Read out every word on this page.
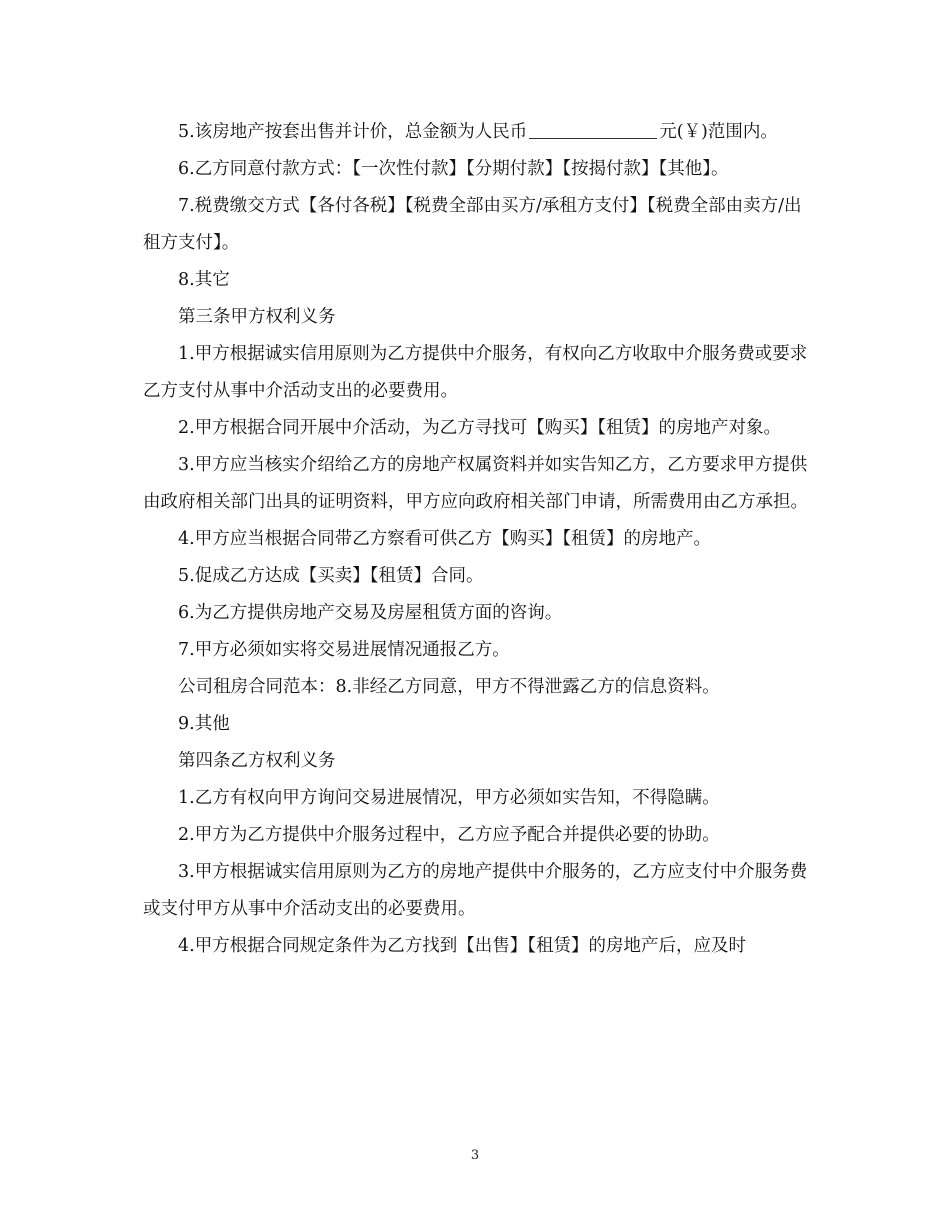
5.该房地产按套出售并计价，总金额为人民币	元(￥)范围内。

6.乙方同意付款方式：【一次性付款】【分期付款】【按揭付款】【其他】。

7.税费缴交方式【各付各税】【税费全部由买方/承租方支付】【税费全部由卖方/出租方支付】。

8.其它

第三条甲方权利义务

1.甲方根据诚实信用原则为乙方提供中介服务，有权向乙方收取中介服务费或要求乙方支付从事中介活动支出的必要费用。

2.甲方根据合同开展中介活动，为乙方寻找可【购买】【租赁】的房地产对象。

3.甲方应当核实介绍给乙方的房地产权属资料并如实告知乙方，乙方要求甲方提供由政府相关部门出具的证明资料，甲方应向政府相关部门申请，所需费用由乙方承担。

4.甲方应当根据合同带乙方察看可供乙方【购买】【租赁】的房地产。

5.促成乙方达成【买卖】【租赁】合同。

6.为乙方提供房地产交易及房屋租赁方面的咨询。

7.甲方必须如实将交易进展情况通报乙方。

公司租房合同范本：8.非经乙方同意，甲方不得泄露乙方的信息资料。

9.其他

第四条乙方权利义务

1.乙方有权向甲方询问交易进展情况，甲方必须如实告知，不得隐瞒。

2.甲方为乙方提供中介服务过程中，乙方应予配合并提供必要的协助。

3.甲方根据诚实信用原则为乙方的房地产提供中介服务的，乙方应支付中介服务费或支付甲方从事中介活动支出的必要费用。

4.甲方根据合同规定条件为乙方找到【出售】【租赁】的房地产后，应及时

3
